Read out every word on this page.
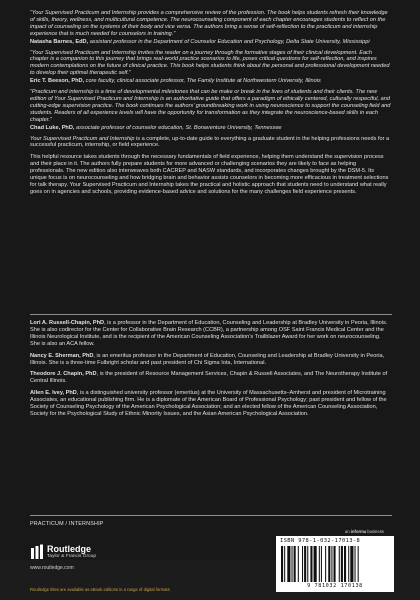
“Your Supervised Practicum and Internship provides a comprehensive review of the profession. The book helps students refresh their knowledge of skills, theory, wellness, and multicultural competence. The neurocounseling component of each chapter encourages students to reflect on the impact of counseling on the systems of their body and vice versa. The authors bring a sense of self-reflection to the practicum and internship experience that is much needed for counselors in training.”
Natasha Barnes, EdD, assistant professor in the Department of Counselor Education and Psychology, Delta State University, Mississippi

“Your Supervised Practicum and Internship invites the reader on a journey through the formative stages of their clinical development. Each chapter is a companion to this journey that brings real-world practice scenarios to life, poses critical questions for self-reflection, and inspires modern contemplations on the future of clinical practice. This book helps students think about the personal and professional development needed to develop their optimal therapeutic self.”
Eric T. Beeson, PhD, core faculty, clinical associate professor, The Family Institute at Northwestern University, Illinois

“Practicum and internship is a time of developmental milestones that can be make or break in the lives of students and their clients. The new edition of Your Supervised Practicum and Internship is an authoritative guide that offers a paradigm of ethically centered, culturally respectful, and cutting-edge supervision practice. The book continues the authors’ groundbreaking work in using neuroscience to support the counseling field and students. Readers of all experience levels will have the opportunity for transformation as they integrate the neuroscience-based skills in each chapter.”
Chad Luke, PhD, associate professor of counselor education, St. Bonaventure University, Tennessee

Your Supervised Practicum and Internship is a complete, up-to-date guide to everything a graduate student in the helping professions needs for a successful practicum, internship, or field experience.

This helpful resource takes students through the necessary fundamentals of field experience, helping them understand the supervision process and their place in it. The authors fully prepare students for more advanced or challenging scenarios they are likely to face as helping professionals. The new edition also interweaves both CACREP and NASW standards, and incorporates changes brought by the DSM-5. Its unique focus is on neurocounseling and how bridging brain and behavior assists counselors in becoming more efficacious in treatment selections for talk therapy. Your Supervised Practicum and Internship takes the practical and holistic approach that students need to understand what really goes on in agencies and schools, providing evidence-based advice and solutions for the many challenges field experience presents.

Lori A. Russell-Chapin, PhD, is a professor in the Department of Education, Counseling and Leadership at Bradley University in Peoria, Illinois. She is also codirector for the Center for Collaborative Brain Research (CCBR), a partnership among OSF Saint Francis Medical Center and the Illinois Neurological Institute, and is the recipient of the American Counseling Association’s Trailblazer Award for her work on neurocounseling. She is also an ACA fellow.

Nancy E. Sherman, PhD, is an emeritus professor in the Department of Education, Counseling and Leadership at Bradley University in Peoria, Illinois. She is a three-time Fulbright scholar and past president of Chi Sigma Iota, International.

Theodore J. Chapin, PhD, is the president of Resource Management Services, Chapin & Russell Associates, and The Neurotherapy Institute of Central Illinois.

Allen E. Ivey, PhD, is a distinguished university professor (emeritus) at the University of Massachusetts–Amherst and president of Microtraining Associates, an educational publishing firm. He is a diplomate of the American Board of Professional Psychology; past president and fellow of the Society of Counseling Psychology of the American Psychological Association; and an elected fellow of the American Counseling Association, Society for the Psychological Study of Ethnic Minority Issues, and the Asian American Psychological Association.

PRACTICUM / INTERNSHIP
Routledge
Taylor & Francis Group
www.routledge.com
Routledge titles are available as eBook editions in a range of digital formats
an informa business
ISBN 978-1-032-17013-8
9 781032 170138
